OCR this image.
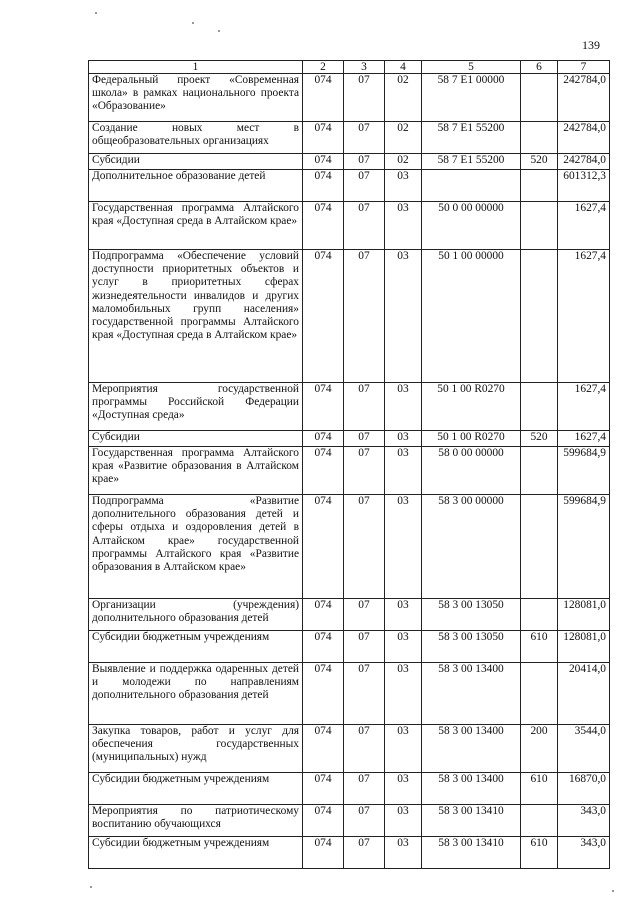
139
1	2	3	4	5	6	7
Федеральный проект «Современная школа» в рамках национального проекта «Образование»	074	07	02	58 7 E1 00000		242784,0
Создание новых мест в общеобразовательных организациях	074	07	02	58 7 E1 55200		242784,0
Субсидии	074	07	02	58 7 E1 55200	520	242784,0
Дополнительное образование детей	074	07	03			601312,3
Государственная программа Алтайского края «Доступная среда в Алтайском крае»	074	07	03	50 0 00 00000		1627,4
Подпрограмма «Обеспечение условий доступности приоритетных объектов и услуг в приоритетных сферах жизнедеятельности инвалидов и других маломобильных групп населения» государственной программы Алтайского края «Доступная среда в Алтайском крае»	074	07	03	50 1 00 00000		1627,4
Мероприятия государственной программы Российской Федерации «Доступная среда»	074	07	03	50 1 00 R0270		1627,4
Субсидии	074	07	03	50 1 00 R0270	520	1627,4
Государственная программа Алтайского края «Развитие образования в Алтайском крае»	074	07	03	58 0 00 00000		599684,9
Подпрограмма «Развитие дополнительного образования детей и сферы отдыха и оздоровления детей в Алтайском крае» государственной программы Алтайского края «Развитие образования в Алтайском крае»	074	07	03	58 3 00 00000		599684,9
Организации (учреждения) дополнительного образования детей	074	07	03	58 3 00 13050		128081,0
Субсидии бюджетным учреждениям	074	07	03	58 3 00 13050	610	128081,0
Выявление и поддержка одаренных детей и молодежи по направлениям дополнительного образования детей	074	07	03	58 3 00 13400		20414,0
Закупка товаров, работ и услуг для обеспечения государственных (муниципальных) нужд	074	07	03	58 3 00 13400	200	3544,0
Субсидии бюджетным учреждениям	074	07	03	58 3 00 13400	610	16870,0
Мероприятия по патриотическому воспитанию обучающихся	074	07	03	58 3 00 13410		343,0
Субсидии бюджетным учреждениям	074	07	03	58 3 00 13410	610	343,0
